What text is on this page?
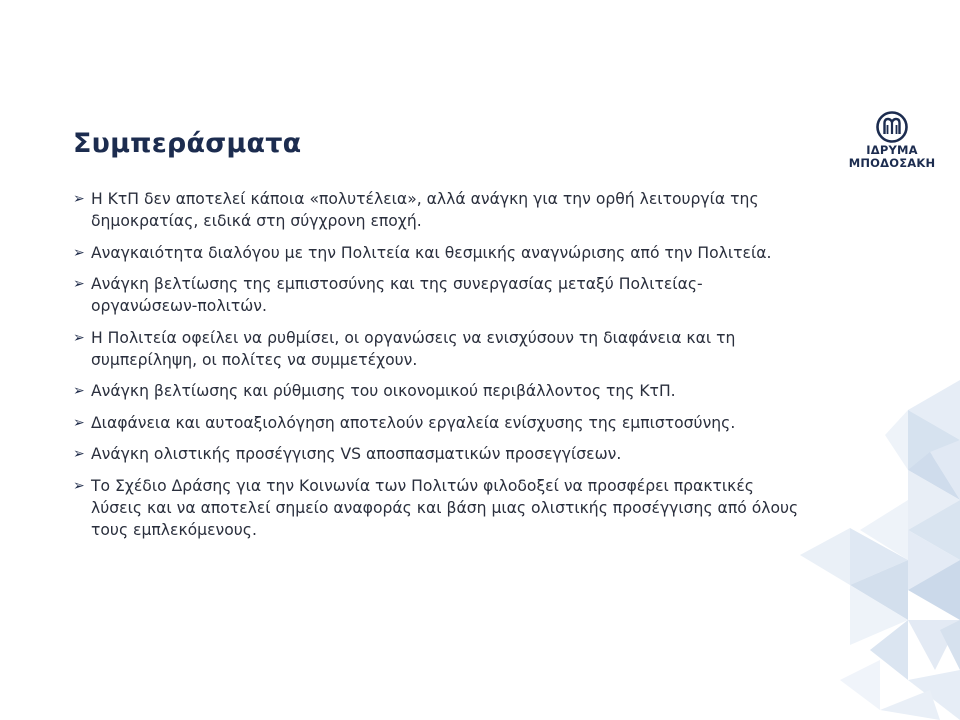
Συμπεράσματα
➢ Η ΚτΠ δεν αποτελεί κάποια «πολυτέλεια», αλλά ανάγκη για την ορθή λειτουργία της δημοκρατίας, ειδικά στη σύγχρονη εποχή.
➢ Αναγκαιότητα διαλόγου με την Πολιτεία και θεσμικής αναγνώρισης από την Πολιτεία.
➢ Ανάγκη βελτίωσης της εμπιστοσύνης και της συνεργασίας μεταξύ Πολιτείας-οργανώσεων-πολιτών.
➢ Η Πολιτεία οφείλει να ρυθμίσει, οι οργανώσεις να ενισχύσουν τη διαφάνεια και τη συμπερίληψη, οι πολίτες να συμμετέχουν.
➢ Ανάγκη βελτίωσης και ρύθμισης του οικονομικού περιβάλλοντος της ΚτΠ.
➢ Διαφάνεια και αυτοαξιολόγηση αποτελούν εργαλεία ενίσχυσης της εμπιστοσύνης.
➢ Ανάγκη ολιστικής προσέγγισης VS αποσπασματικών προσεγγίσεων.
➢ Το Σχέδιο Δράσης για την Κοινωνία των Πολιτών φιλοδοξεί να προσφέρει πρακτικές λύσεις και να αποτελεί σημείο αναφοράς και βάση μιας ολιστικής προσέγγισης από όλους τους εμπλεκόμενους.
ΙΔΡΥΜΑ
ΜΠΟΔΟΣΑΚΗ
